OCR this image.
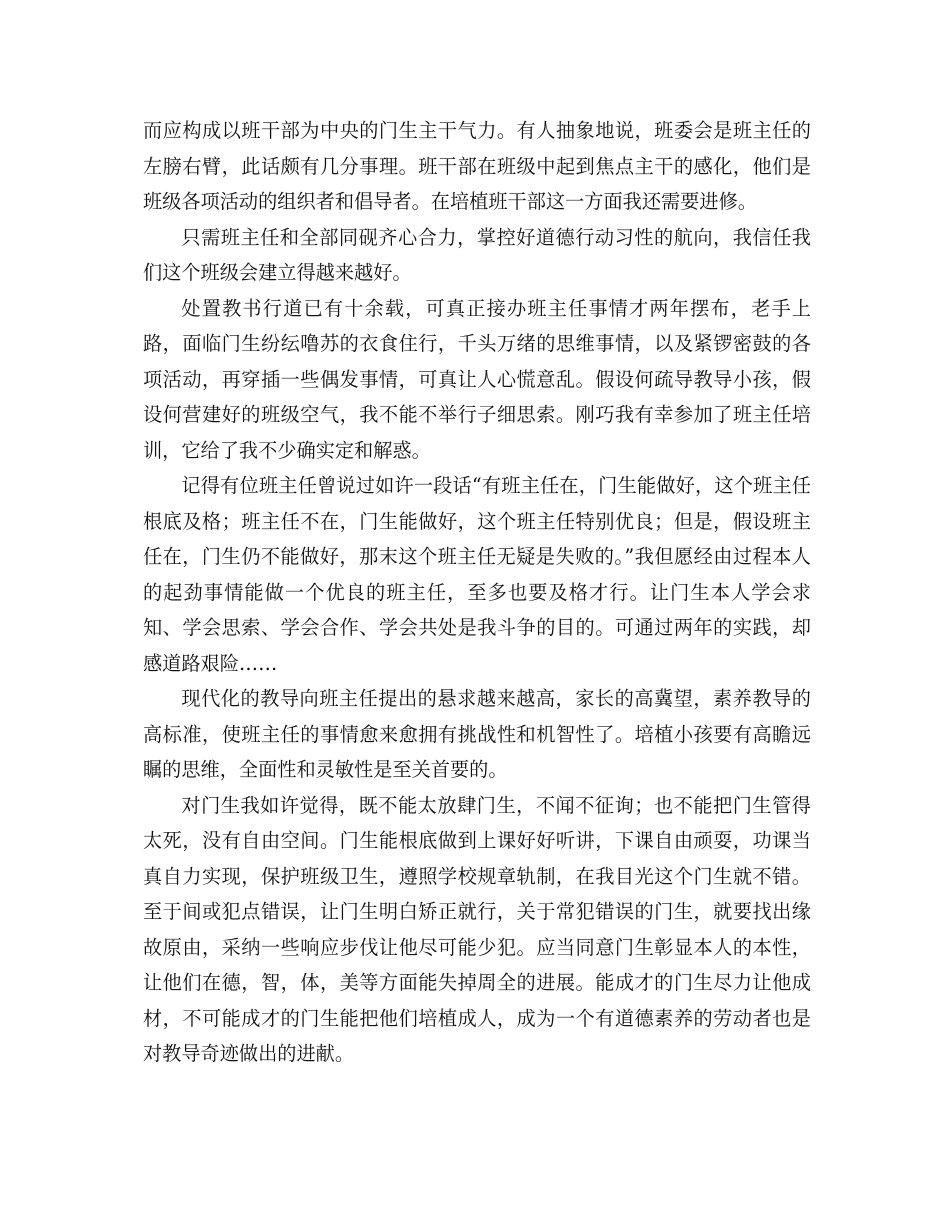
而应构成以班干部为中央的门生主干气力。有人抽象地说，班委会是班主任的左膀右臂，此话颇有几分事理。班干部在班级中起到焦点主干的感化，他们是班级各项活动的组织者和倡导者。在培植班干部这一方面我还需要进修。

只需班主任和全部同砚齐心合力，掌控好道德行动习性的航向，我信任我们这个班级会建立得越来越好。

处置教书行道已有十余载，可真正接办班主任事情才两年摆布，老手上路，面临门生纷纭噜苏的衣食住行，千头万绪的思维事情，以及紧锣密鼓的各项活动，再穿插一些偶发事情，可真让人心慌意乱。假设何疏导教导小孩，假设何营建好的班级空气，我不能不举行子细思索。刚巧我有幸参加了班主任培训，它给了我不少确实定和解惑。

记得有位班主任曾说过如许一段话“有班主任在，门生能做好，这个班主任根底及格；班主任不在，门生能做好，这个班主任特别优良；但是，假设班主任在，门生仍不能做好，那末这个班主任无疑是失败的。”我但愿经由过程本人的起劲事情能做一个优良的班主任，至多也要及格才行。让门生本人学会求知、学会思索、学会合作、学会共处是我斗争的目的。可通过两年的实践，却感道路艰险……

现代化的教导向班主任提出的悬求越来越高，家长的高冀望，素养教导的高标准，使班主任的事情愈来愈拥有挑战性和机智性了。培植小孩要有高瞻远瞩的思维，全面性和灵敏性是至关首要的。

对门生我如许觉得，既不能太放肆门生，不闻不征询；也不能把门生管得太死，没有自由空间。门生能根底做到上课好好听讲，下课自由顽耍，功课当真自力实现，保护班级卫生，遵照学校规章轨制，在我目光这个门生就不错。至于间或犯点错误，让门生明白矫正就行，关于常犯错误的门生，就要找出缘故原由，采纳一些响应步伐让他尽可能少犯。应当同意门生彰显本人的本性，让他们在德，智，体，美等方面能失掉周全的进展。能成才的门生尽力让他成材，不可能成才的门生能把他们培植成人，成为一个有道德素养的劳动者也是对教导奇迹做出的进献。
